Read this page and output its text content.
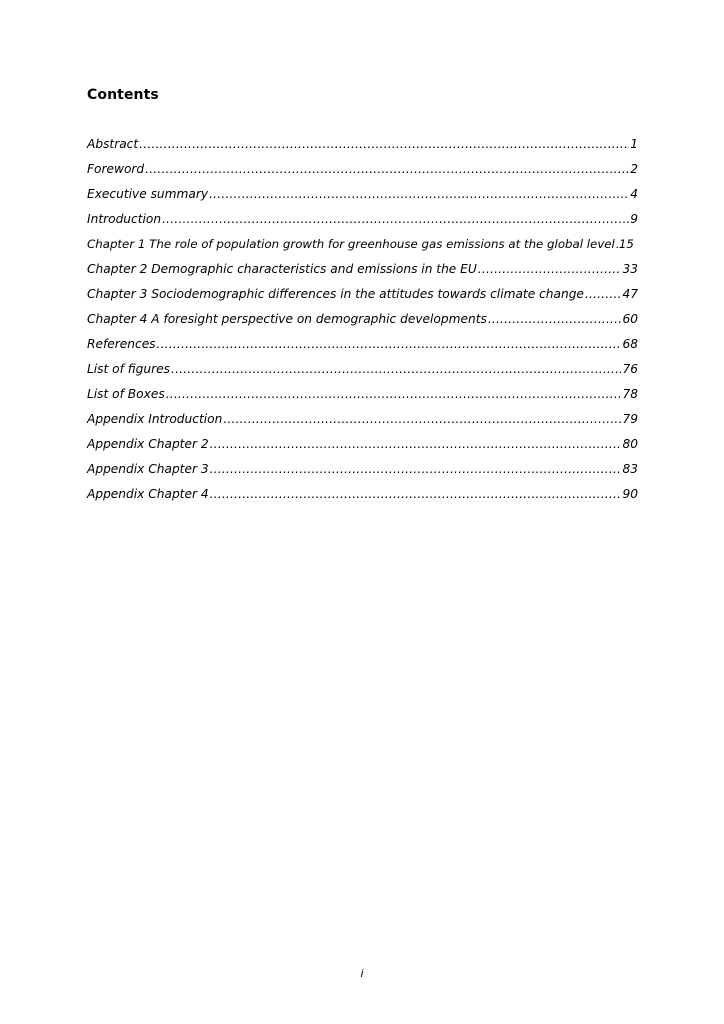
Contents
Abstract .....	1
Foreword .....	2
Executive summary .....	4
Introduction .....	9
Chapter 1 The role of population growth for greenhouse gas emissions at the global level ..... 15
Chapter 2 Demographic characteristics and emissions in the EU .....	33
Chapter 3 Sociodemographic differences in the attitudes towards climate change .....	47
Chapter 4 A foresight perspective on demographic developments .....	60
References .....	68
List of figures .....	76
List of Boxes .....	78
Appendix Introduction .....	79
Appendix Chapter 2 .....	80
Appendix Chapter 3 .....	83
Appendix Chapter 4 .....	90
i
